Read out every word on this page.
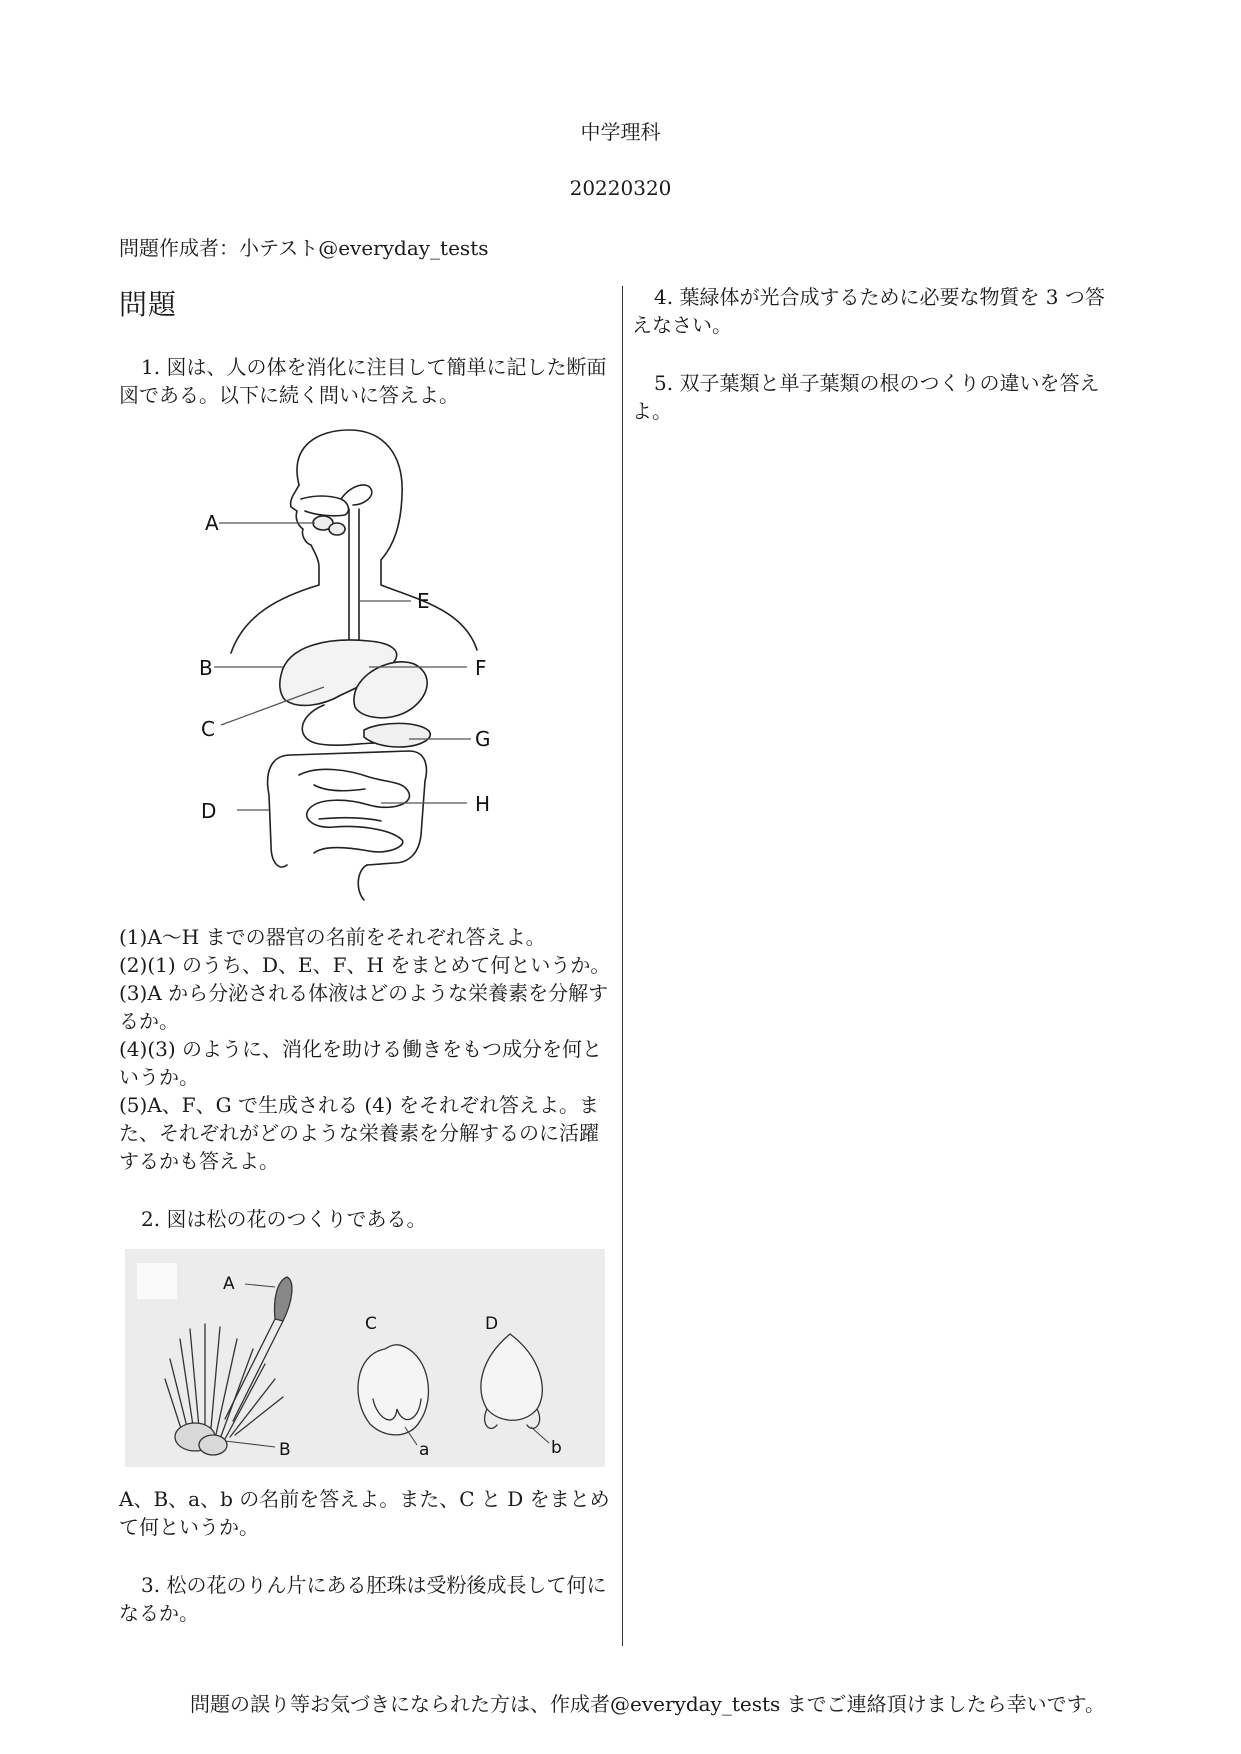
中学理科
20220320
問題作成者：小テスト@everyday_tests
問題

1. 図は、人の体を消化に注目して簡単に記した断面図である。以下に続く問いに答えよ。

A
B
C
D
E
F
G
H

(1)A〜H までの器官の名前をそれぞれ答えよ。

(2)(1) のうち、D、E、F、H をまとめて何というか。

(3)A から分泌される体液はどのような栄養素を分解するか。

(4)(3) のように、消化を助ける働きをもつ成分を何というか。

(5)A、F、G で生成される (4) をそれぞれ答えよ。また、それぞれがどのような栄養素を分解するのに活躍するかも答えよ。

2. 図は松の花のつくりである。

A
B
C	D
a	b

A、B、a、b の名前を答えよ。また、C と D をまとめて何というか。

3. 松の花のりん片にある胚珠は受粉後成長して何になるか。

4. 葉緑体が光合成するために必要な物質を 3 つ答えなさい。

5. 双子葉類と単子葉類の根のつくりの違いを答えよ。

問題の誤り等お気づきになられた方は、作成者@everyday_tests までご連絡頂けましたら幸いです。
